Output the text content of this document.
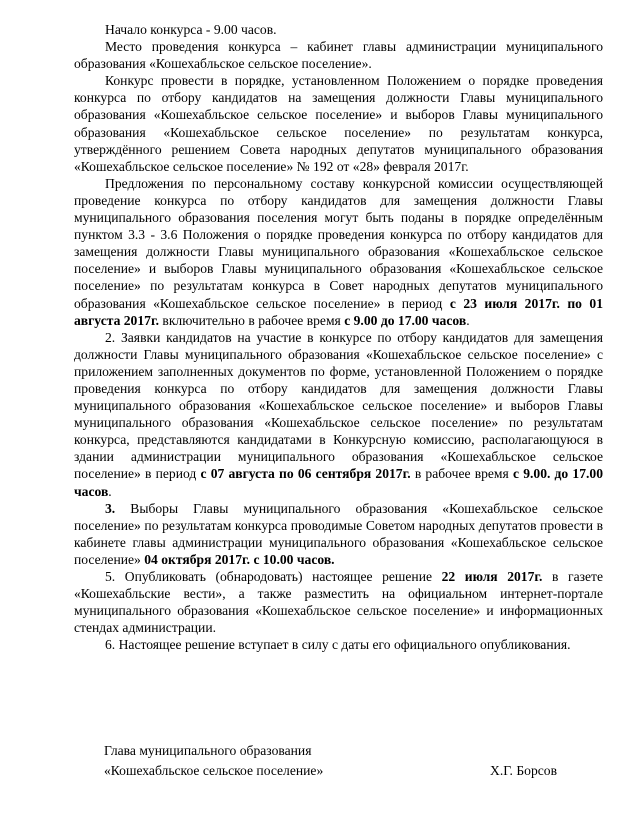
Начало конкурса - 9.00 часов.

Место проведения конкурса – кабинет главы администрации муниципального образования «Кошехабльское сельское поселение».

Конкурс провести в порядке, установленном Положением о порядке проведения конкурса по отбору кандидатов на замещения должности Главы муниципального образования «Кошехабльское сельское поселение» и выборов Главы муниципального образования «Кошехабльское сельское поселение» по результатам конкурса, утверждённого решением Совета народных депутатов муниципального образования «Кошехабльское сельское поселение» № 192 от «28» февраля 2017г.

Предложения по персональному составу конкурсной комиссии осуществляющей проведение конкурса по отбору кандидатов для замещения должности Главы муниципального образования поселения могут быть поданы в порядке определённым пунктом 3.3 - 3.6 Положения о порядке проведения конкурса по отбору кандидатов для замещения должности Главы муниципального образования «Кошехабльское сельское поселение» и выборов Главы муниципального образования «Кошехабльское сельское поселение» по результатам конкурса в Совет народных депутатов муниципального образования «Кошехабльское сельское поселение» в период с 23 июля 2017г. по 01 августа 2017г. включительно в рабочее время с 9.00 до 17.00 часов.

2. Заявки кандидатов на участие в конкурсе по отбору кандидатов для замещения должности Главы муниципального образования «Кошехабльское сельское поселение» с приложением заполненных документов по форме, установленной Положением о порядке проведения конкурса по отбору кандидатов для замещения должности Главы муниципального образования «Кошехабльское сельское поселение» и выборов Главы муниципального образования «Кошехабльское сельское поселение» по результатам конкурса, представляются кандидатами в Конкурсную комиссию, располагающуюся в здании администрации муниципального образования «Кошехабльское сельское поселение» в период с 07 августа по 06 сентября 2017г. в рабочее время с 9.00. до 17.00 часов.

3. Выборы Главы муниципального образования «Кошехабльское сельское поселение» по результатам конкурса проводимые Советом народных депутатов провести в кабинете главы администрации муниципального образования «Кошехабльское сельское поселение» 04 октября 2017г. с 10.00 часов.

5. Опубликовать (обнародовать) настоящее решение 22 июля 2017г. в газете «Кошехабльские вести», а также разместить на официальном интернет-портале муниципального образования «Кошехабльское сельское поселение» и информационных стендах администрации.

6. Настоящее решение вступает в силу с даты его официального опубликования.

Глава муниципального образования
«Кошехабльское сельское поселение»	Х.Г. Борсов
